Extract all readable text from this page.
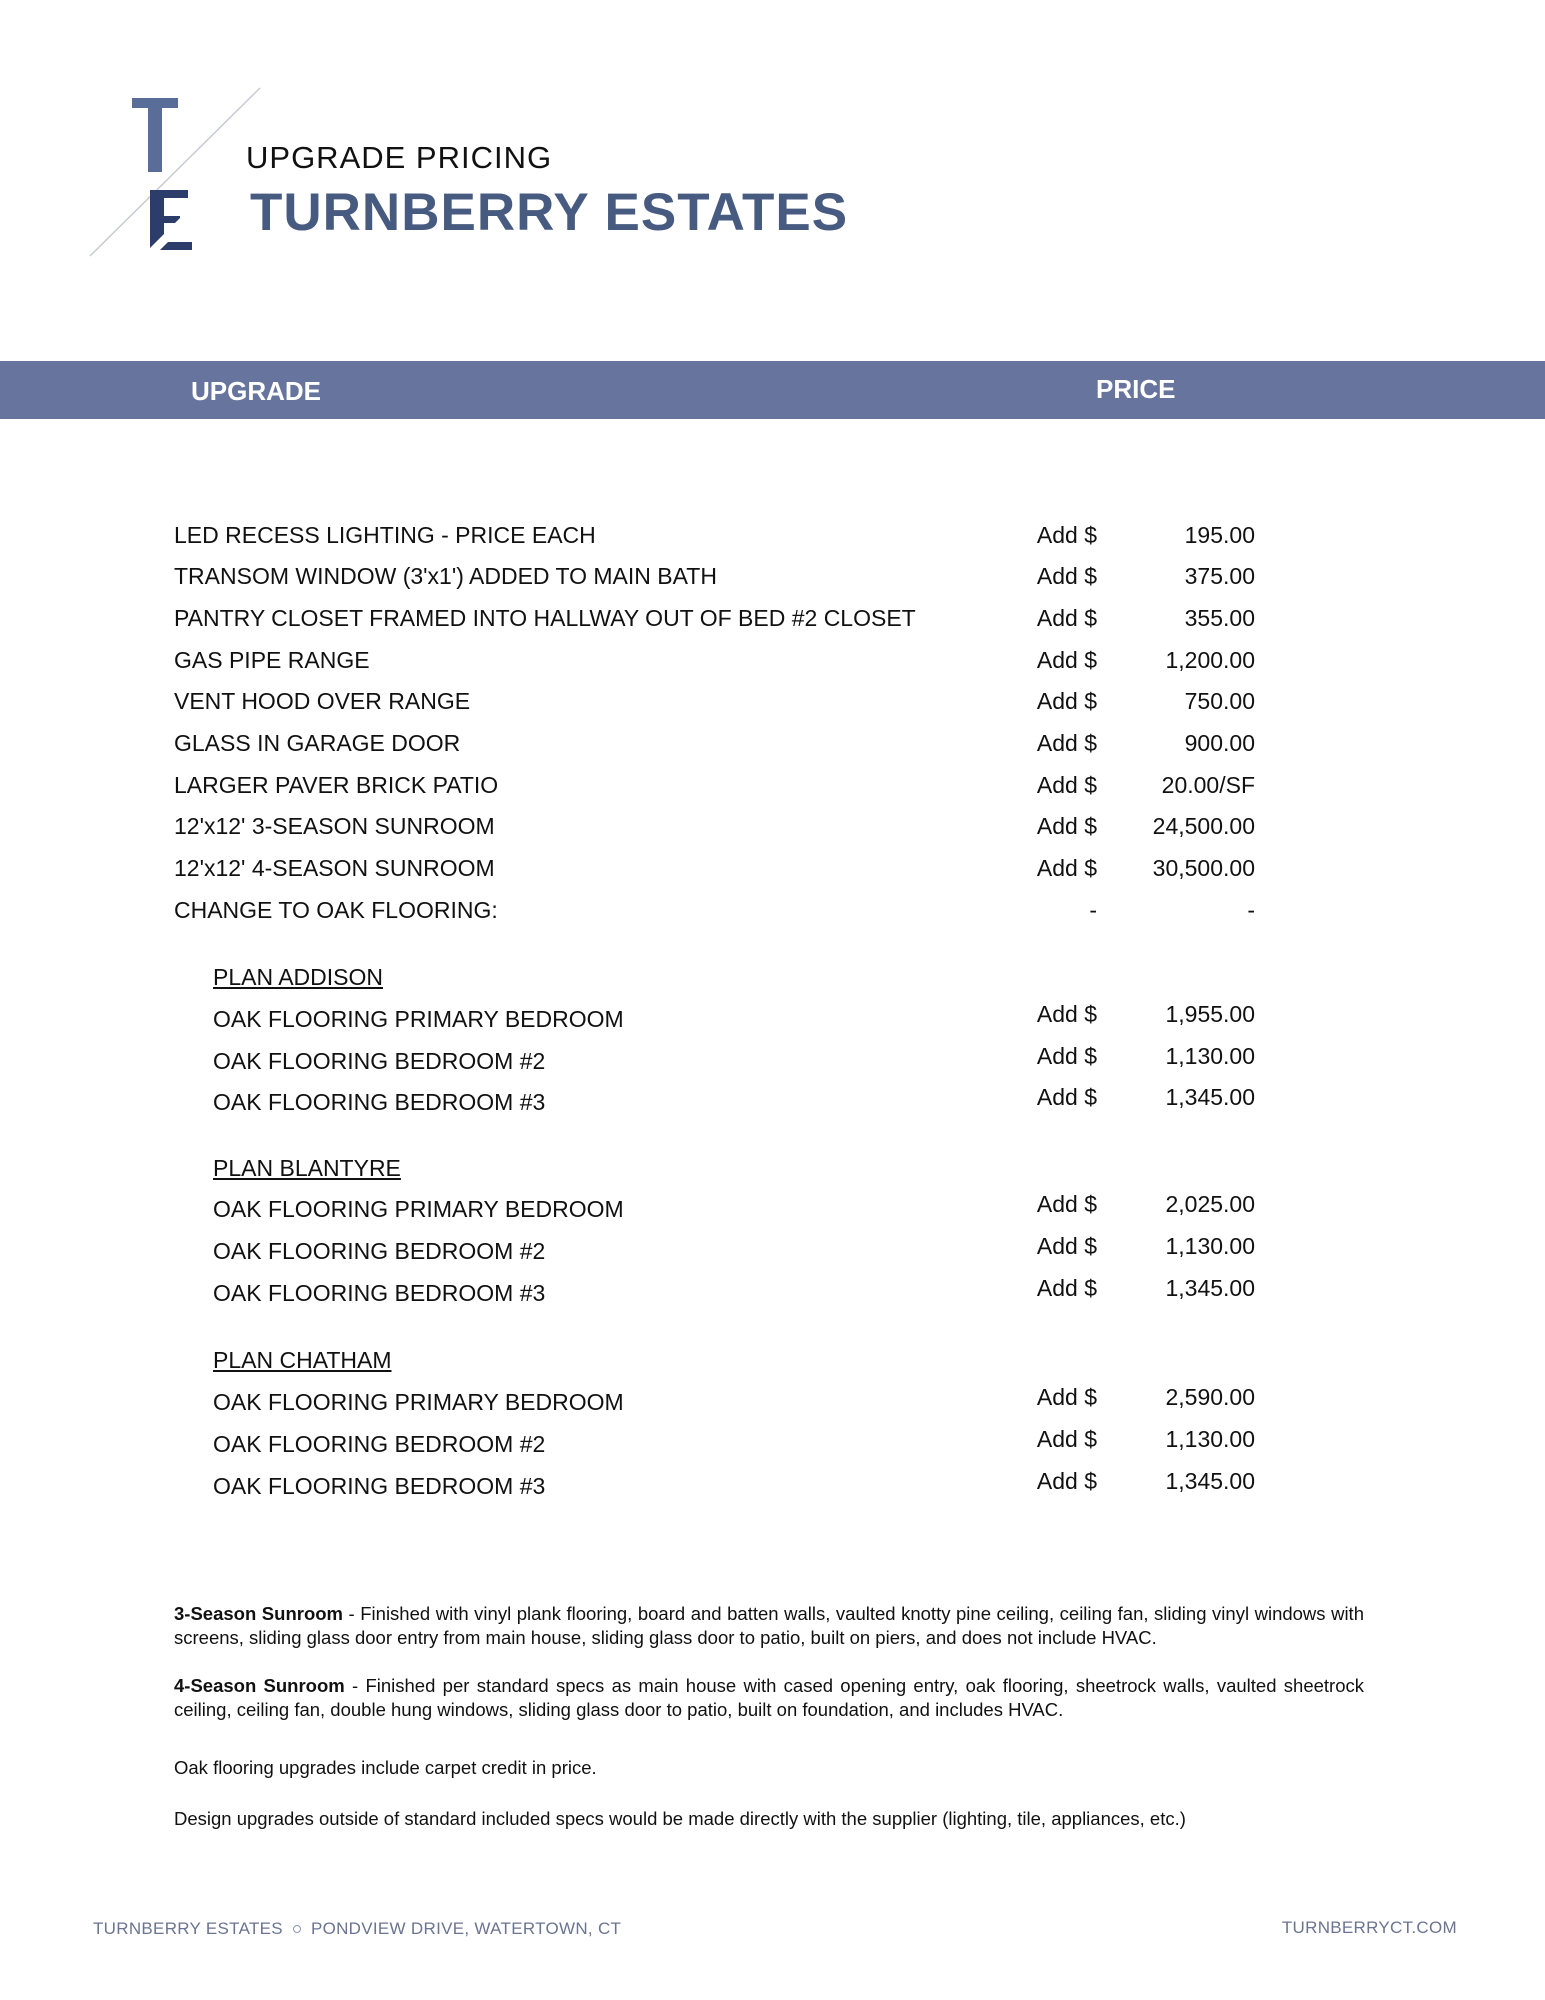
UPGRADE PRICING
TURNBERRY ESTATES
UPGRADE	PRICE
LED RECESS LIGHTING - PRICE EACH	Add $	195.00
TRANSOM WINDOW (3'x1') ADDED TO MAIN BATH	Add $	375.00
PANTRY CLOSET FRAMED INTO HALLWAY OUT OF BED #2 CLOSET	Add $	355.00
GAS PIPE RANGE	Add $	1,200.00
VENT HOOD OVER RANGE	Add $	750.00
GLASS IN GARAGE DOOR	Add $	900.00
LARGER PAVER BRICK PATIO	Add $	20.00/SF
12'x12' 3-SEASON SUNROOM	Add $ 24,500.00
12'x12' 4-SEASON SUNROOM	Add $ 30,500.00
CHANGE TO OAK FLOORING:	-	-
PLAN ADDISON
OAK FLOORING PRIMARY BEDROOM	Add $	1,955.00
OAK FLOORING BEDROOM #2	Add $	1,130.00
OAK FLOORING BEDROOM #3	Add $	1,345.00
PLAN BLANTYRE
OAK FLOORING PRIMARY BEDROOM	Add $	2,025.00
OAK FLOORING BEDROOM #2	Add $	1,130.00
OAK FLOORING BEDROOM #3	Add $	1,345.00
PLAN CHATHAM
OAK FLOORING PRIMARY BEDROOM	Add $	2,590.00
OAK FLOORING BEDROOM #2	Add $	1,130.00
OAK FLOORING BEDROOM #3	Add $	1,345.00
3-Season Sunroom - Finished with vinyl plank flooring, board and batten walls, vaulted knotty pine ceiling, ceiling fan, sliding vinyl windows with screens, sliding glass door entry from main house, sliding glass door to patio, built on piers, and does not include HVAC.
4-Season Sunroom - Finished per standard specs as main house with cased opening entry, oak flooring, sheetrock walls, vaulted sheetrock ceiling, ceiling fan, double hung windows, sliding glass door to patio, built on foundation, and includes HVAC.
Oak flooring upgrades include carpet credit in price.
Design upgrades outside of standard included specs would be made directly with the supplier (lighting, tile, appliances, etc.)
TURNBERRY ESTATES PONDVIEW DRIVE, WATERTOWN, CT	TURNBERRYCT.COM
